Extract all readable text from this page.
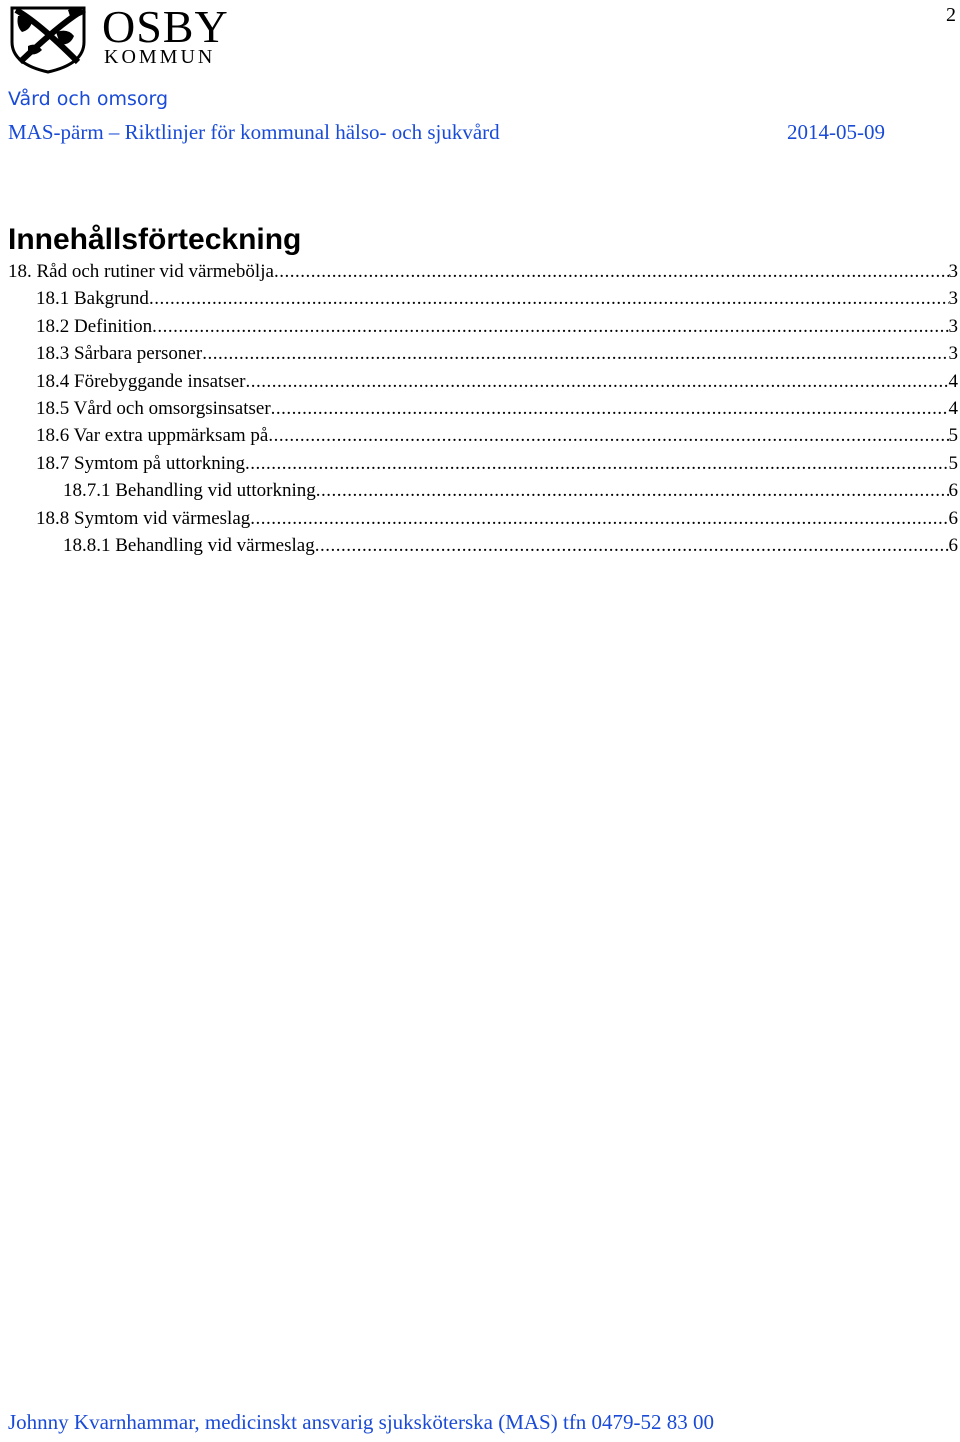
2
OSBY
KOMMUN
Vård och omsorg
MAS-pärm – Riktlinjer för kommunal hälso- och sjukvård	2014-05-09
Innehållsförteckning
18. Råd och rutiner vid värmebölja .....	3
18.1 Bakgrund .....	3
18.2 Definition .....	3
18.3 Sårbara personer .....	3
18.4 Förebyggande insatser .....	4
18.5 Vård och omsorgsinsatser .....	4
18.6 Var extra uppmärksam på .....	5
18.7 Symtom på uttorkning .....	5
18.7.1 Behandling vid uttorkning .....	6
18.8 Symtom vid värmeslag .....	6
18.8.1 Behandling vid värmeslag .....	6
Johnny Kvarnhammar, medicinskt ansvarig sjuksköterska (MAS) tfn 0479-52 83 00
